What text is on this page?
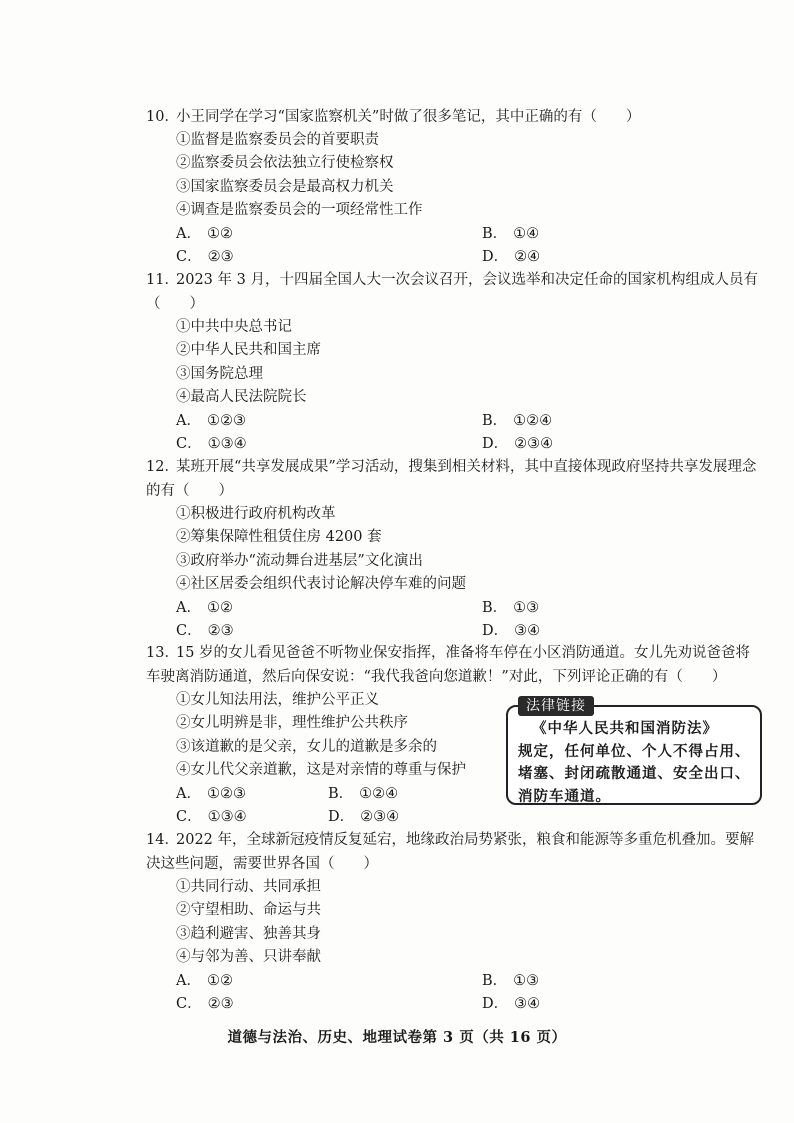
10．小王同学在学习“国家监察机关”时做了很多笔记，其中正确的有（　　）
①监督是监察委员会的首要职责
②监察委员会依法独立行使检察权
③国家监察委员会是最高权力机关
④调查是监察委员会的一项经常性工作
A． ①②	B． ①④
C． ②③	D． ②④
11．2023 年 3 月，十四届全国人大一次会议召开，会议选举和决定任命的国家机构组成人员有（　　）
①中共中央总书记
②中华人民共和国主席
③国务院总理
④最高人民法院院长
A． ①②③	B． ①②④
C． ①③④	D． ②③④
12．某班开展“共享发展成果”学习活动，搜集到相关材料，其中直接体现政府坚持共享发展理念的有（　　）
①积极进行政府机构改革
②筹集保障性租赁住房 4200 套
③政府举办“流动舞台进基层”文化演出
④社区居委会组织代表讨论解决停车难的问题
A． ①②	B． ①③
C． ②③	D． ③④
13．15 岁的女儿看见爸爸不听物业保安指挥，准备将车停在小区消防通道。女儿先劝说爸爸将车驶离消防通道，然后向保安说：“我代我爸向您道歉！”对此，下列评论正确的有（　　）
①女儿知法用法，维护公平正义
②女儿明辨是非，理性维护公共秩序
③该道歉的是父亲，女儿的道歉是多余的
④女儿代父亲道歉，这是对亲情的尊重与保护
A． ①②③	B． ①②④
C． ①③④	D． ②③④
法律链接
《中华人民共和国消防法》
规定，任何单位、个人不得占用、堵塞、封闭疏散通道、安全出口、消防车通道。
14．2022 年，全球新冠疫情反复延宕，地缘政治局势紧张，粮食和能源等多重危机叠加。要解决这些问题，需要世界各国（　　）
①共同行动、共同承担
②守望相助、命运与共
③趋利避害、独善其身
④与邻为善、只讲奉献
A． ①②	B． ①③
C． ②③	D． ③④
道德与法治、历史、地理试卷第 3 页（共 16 页）
